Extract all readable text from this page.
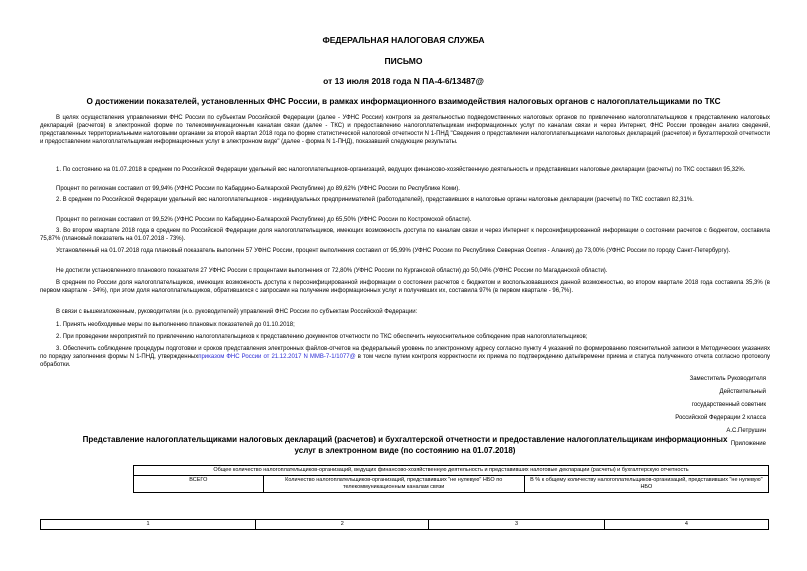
ФЕДЕРАЛЬНАЯ НАЛОГОВАЯ СЛУЖБА
ПИСЬМО
от 13 июля 2018 года N ПА-4-6/13487@
О достижении показателей, установленных ФНС России, в рамках информационного взаимодействия налоговых органов с налогоплательщиками по ТКС

В целях осуществления управлениями ФНС России по субъектам Российской Федерации (далее - УФНС России) контроля за деятельностью подведомственных налоговых органов по привлечению налогоплательщиков к представлению налоговых деклараций (расчетов) в электронной форме по телекоммуникационным каналам связи (далее - ТКС) и предоставлению налогоплательщикам информационных услуг по каналам связи и через Интернет, ФНС России проведен анализ сведений, представленных территориальными налоговыми органами за второй квартал 2018 года по форме статистической налоговой отчетности N 1-ПНД "Сведения о представлении налогоплательщиками налоговых деклараций (расчетов) и бухгалтерской отчетности и предоставлении налогоплательщикам информационных услуг в электронном виде" (далее - форма N 1-ПНД), показавший следующие результаты.

1. По состоянию на 01.07.2018 в среднем по Российской Федерации удельный вес налогоплательщиков-организаций, ведущих финансово-хозяйственную деятельность и представивших налоговые декларации (расчеты) по ТКС составил 95,32%.

Процент по регионам составил от 99,94% (УФНС России по Кабардино-Балкарской Республике) до 89,62% (УФНС России по Республике Коми).

2. В среднем по Российской Федерации удельный вес налогоплательщиков - индивидуальных предпринимателей (работодателей), представивших в налоговые органы налоговые декларации (расчеты) по ТКС составил 82,31%.

Процент по регионам составил от 99,52% (УФНС России по Кабардино-Балкарской Республике) до 65,50% (УФНС России по Костромской области).

3. Во втором квартале 2018 года в среднем по Российской Федерации доля налогоплательщиков, имеющих возможность доступа по каналам связи и через Интернет к персонифицированной информации о состоянии расчетов с бюджетом, составила 75,87% (плановый показатель на 01.07.2018 - 73%).

Установленный на 01.07.2018 года плановый показатель выполнен 57 УФНС России, процент выполнения составил от 95,99% (УФНС России по Республике Северная Осетия - Алания) до 73,00% (УФНС России по городу Санкт-Петербургу).

Не достигли установленного планового показателя 27 УФНС России с процентами выполнения от 72,80% (УФНС России по Курганской области) до 50,04% (УФНС России по Магаданской области).

В среднем по России доля налогоплательщиков, имеющих возможность доступа к персонифицированной информации о состоянии расчетов с бюджетом и воспользовавшихся данной возможностью, во втором квартале 2018 года составила 35,3% (в первом квартале - 34%), при этом доля налогоплательщиков, обратившихся с запросами на получение информационных услуг и получивших их, составила 97% (в первом квартале - 96,7%).

В связи с вышеизложенным, руководителям (и.о. руководителей) управлений ФНС России по субъектам Российской Федерации:

1. Принять необходимые меры по выполнению плановых показателей до 01.10.2018;

2. При проведении мероприятий по привлечению налогоплательщиков к представлению документов отчетности по ТКС обеспечить неукоснительное соблюдение прав налогоплательщиков;

3. Обеспечить соблюдение процедуры подготовки и сроков представления электронных файлов-отчетов на федеральный уровень по электронному адресу согласно пункту 4 указаний по формированию пояснительной записки в Методических указаниях по порядку заполнения формы N 1-ПНД, утвержденныхприказом ФНС России от 21.12.2017 N ММВ-7-1/1077@ в том числе путем контроля корректности их приема по подтверждению даты/времени приема и статуса полученного отчета согласно протоколу обработки.

Заместитель Руководителя
Действительный
государственный советник
Российской Федерации 2 класса
А.С.Петрушин
Приложение
Представление налогоплательщиками налоговых деклараций (расчетов) и бухгалтерской отчетности и предоставление налогоплательщикам информационных
услуг в электронном виде (по состоянию на 01.07.2018)
Общее количество налогоплательщиков-организаций, ведущих финансово-хозяйственную деятельность и представивших налоговые декларации (расчеты) и бухгалтерскую отчетность
ВСЕГО	Количество налогоплательщиков-организаций, представивших "не нулевую" НБО по телекоммуникационным каналам связи	В % к общему количеству налогоплательщиков-организаций, представивших "не нулевую" НБО
1	2	3	4
